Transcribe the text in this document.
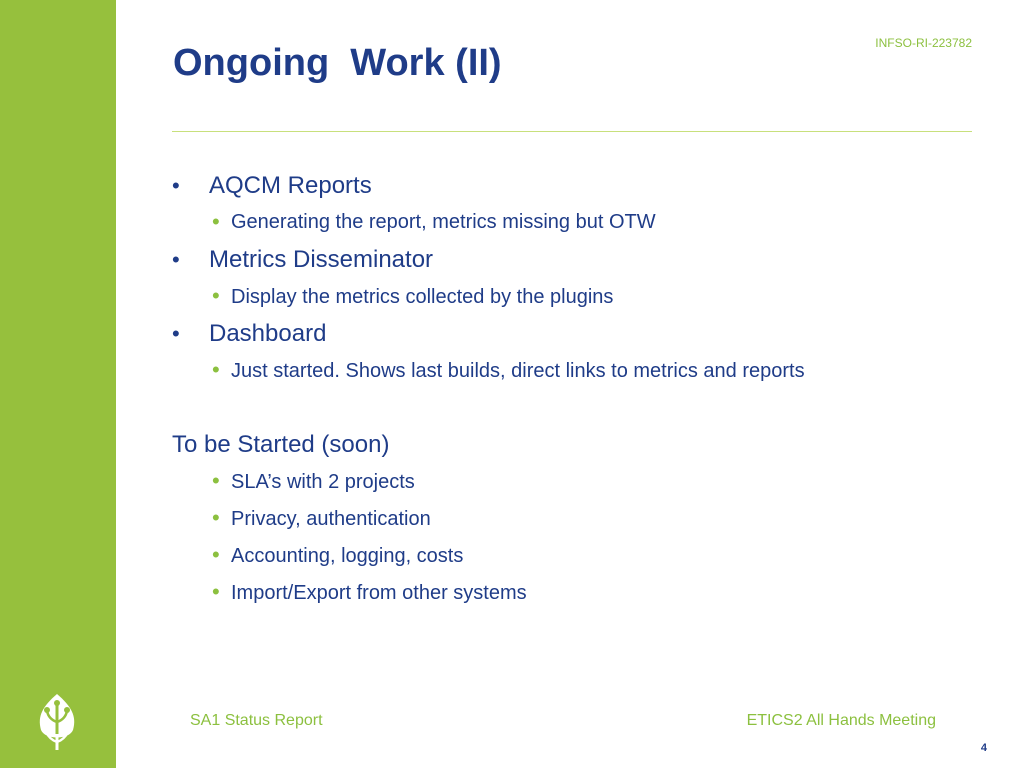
INFSO-RI-223782
Ongoing  Work (II)
• AQCM Reports
• Generating the report, metrics missing but OTW
• Metrics Disseminator
• Display the metrics collected by the plugins
• Dashboard
• Just started. Shows last builds, direct links to metrics and reports
To be Started (soon)
• SLA’s with 2 projects
• Privacy, authentication
• Accounting, logging, costs
• Import/Export from other systems
SA1 Status Report	ETICS2 All Hands Meeting
4
